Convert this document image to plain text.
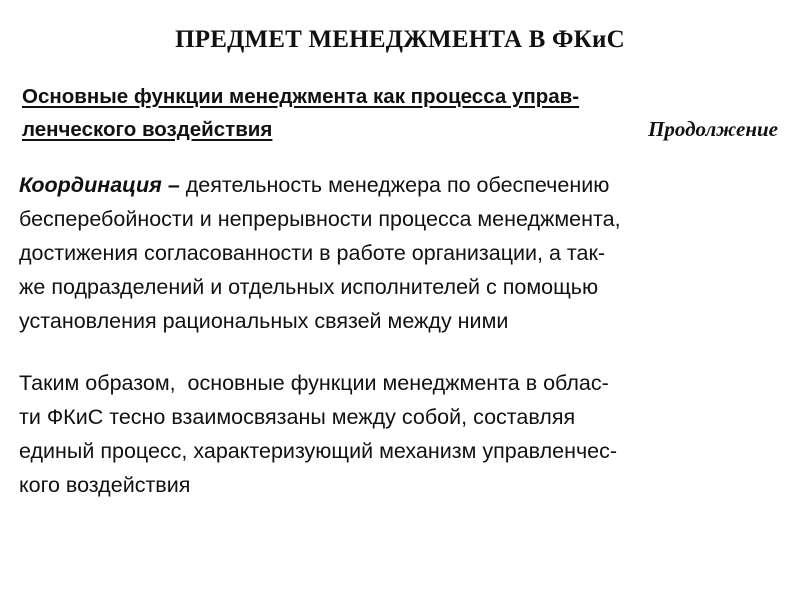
ПРЕДМЕТ МЕНЕДЖМЕНТА В ФКиС
Основные функции менеджмента как процесса управ-
ленческого воздействия	Продолжение
Координация – деятельность менеджера по обеспечению
бесперебойности и непрерывности процесса менеджмента,
достижения согласованности в работе организации, а так-
же подразделений и отдельных исполнителей с помощью
установления рациональных связей между ними
Таким образом,  основные функции менеджмента в облас-
ти ФКиС тесно взаимосвязаны между собой, составляя
единый процесс, характеризующий механизм управленчес-
кого воздействия
